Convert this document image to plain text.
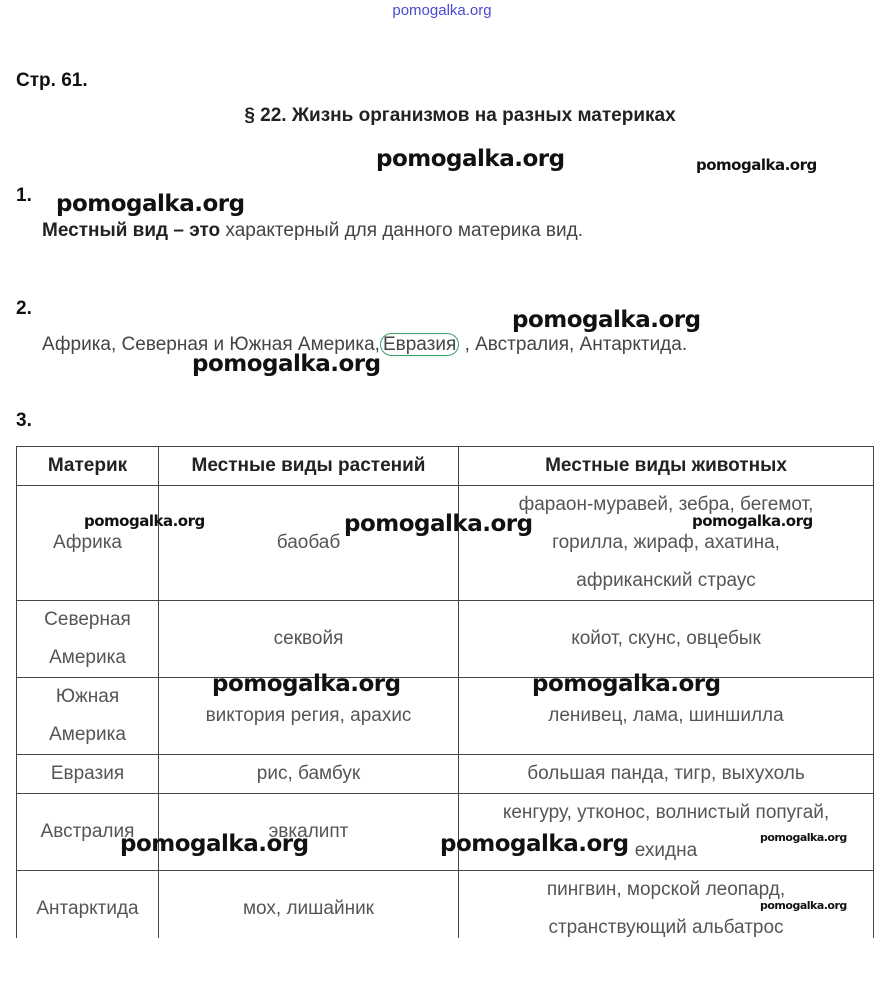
pomogalka.org
Стр. 61.
§ 22. Жизнь организмов на разных материках
1.
Местный вид – это характерный для данного материка вид.
2.
Африка, Северная и Южная Америка, Евразия , Австралия, Антарктида.
3.
Материк	Местные виды растений	Местные виды животных

Африка	баобаб	фараон-муравей, зебра, бегемот,
горилла, жираф, ахатина,
африканский страус

Северная
Америка	секвойя	койот, скунс, овцебык

Южная
Америка	виктория регия, арахис	ленивец, лама, шиншилла

Евразия	рис, бамбук	большая панда, тигр, выхухоль

Австралия	эвкалипт	кенгуру, утконос, волнистый попугай,
ехидна

Антарктида	мох, лишайник	пингвин, морской леопард,
странствующий альбатрос
pomogalka.org	pomogalka.org
pomogalka.org
pomogalka.org
pomogalka.org
pomogalka.org	pomogalka.org	pomogalka.org
pomogalka.org	pomogalka.org
pomogalka.org	pomogalka.org	pomogalka.org
pomogalka.org
